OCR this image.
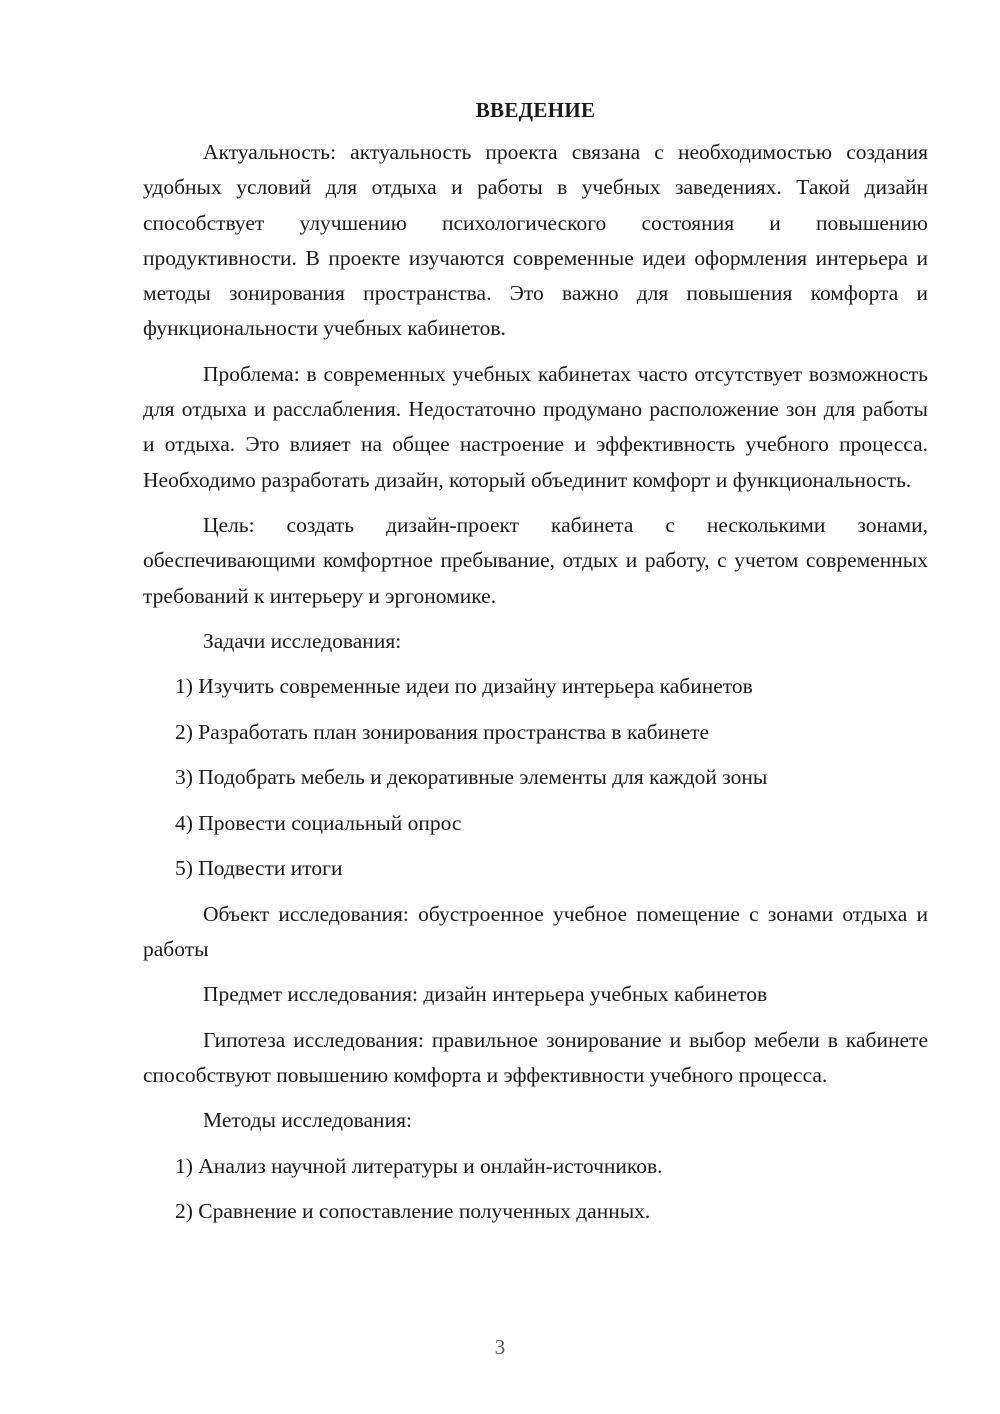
ВВЕДЕНИЕ

Актуальность: актуальность проекта связана с необходимостью создания удобных условий для отдыха и работы в учебных заведениях. Такой дизайн способствует улучшению психологического состояния и повышению продуктивности. В проекте изучаются современные идеи оформления интерьера и методы зонирования пространства. Это важно для повышения комфорта и функциональности учебных кабинетов.

Проблема: в современных учебных кабинетах часто отсутствует возможность для отдыха и расслабления. Недостаточно продумано расположение зон для работы и отдыха. Это влияет на общее настроение и эффективность учебного процесса. Необходимо разработать дизайн, который объединит комфорт и функциональность.

Цель: создать дизайн-проект кабинета с несколькими зонами, обеспечивающими комфортное пребывание, отдых и работу, с учетом современных требований к интерьеру и эргономике.

Задачи исследования:
1) Изучить современные идеи по дизайну интерьера кабинетов
2) Разработать план зонирования пространства в кабинете
3) Подобрать мебель и декоративные элементы для каждой зоны
4) Провести социальный опрос
5) Подвести итоги

Объект исследования: обустроенное учебное помещение с зонами отдыха и работы

Предмет исследования: дизайн интерьера учебных кабинетов

Гипотеза исследования: правильное зонирование и выбор мебели в кабинете способствуют повышению комфорта и эффективности учебного процесса.

Методы исследования:
1) Анализ научной литературы и онлайн-источников.
2) Сравнение и сопоставление полученных данных.
3
